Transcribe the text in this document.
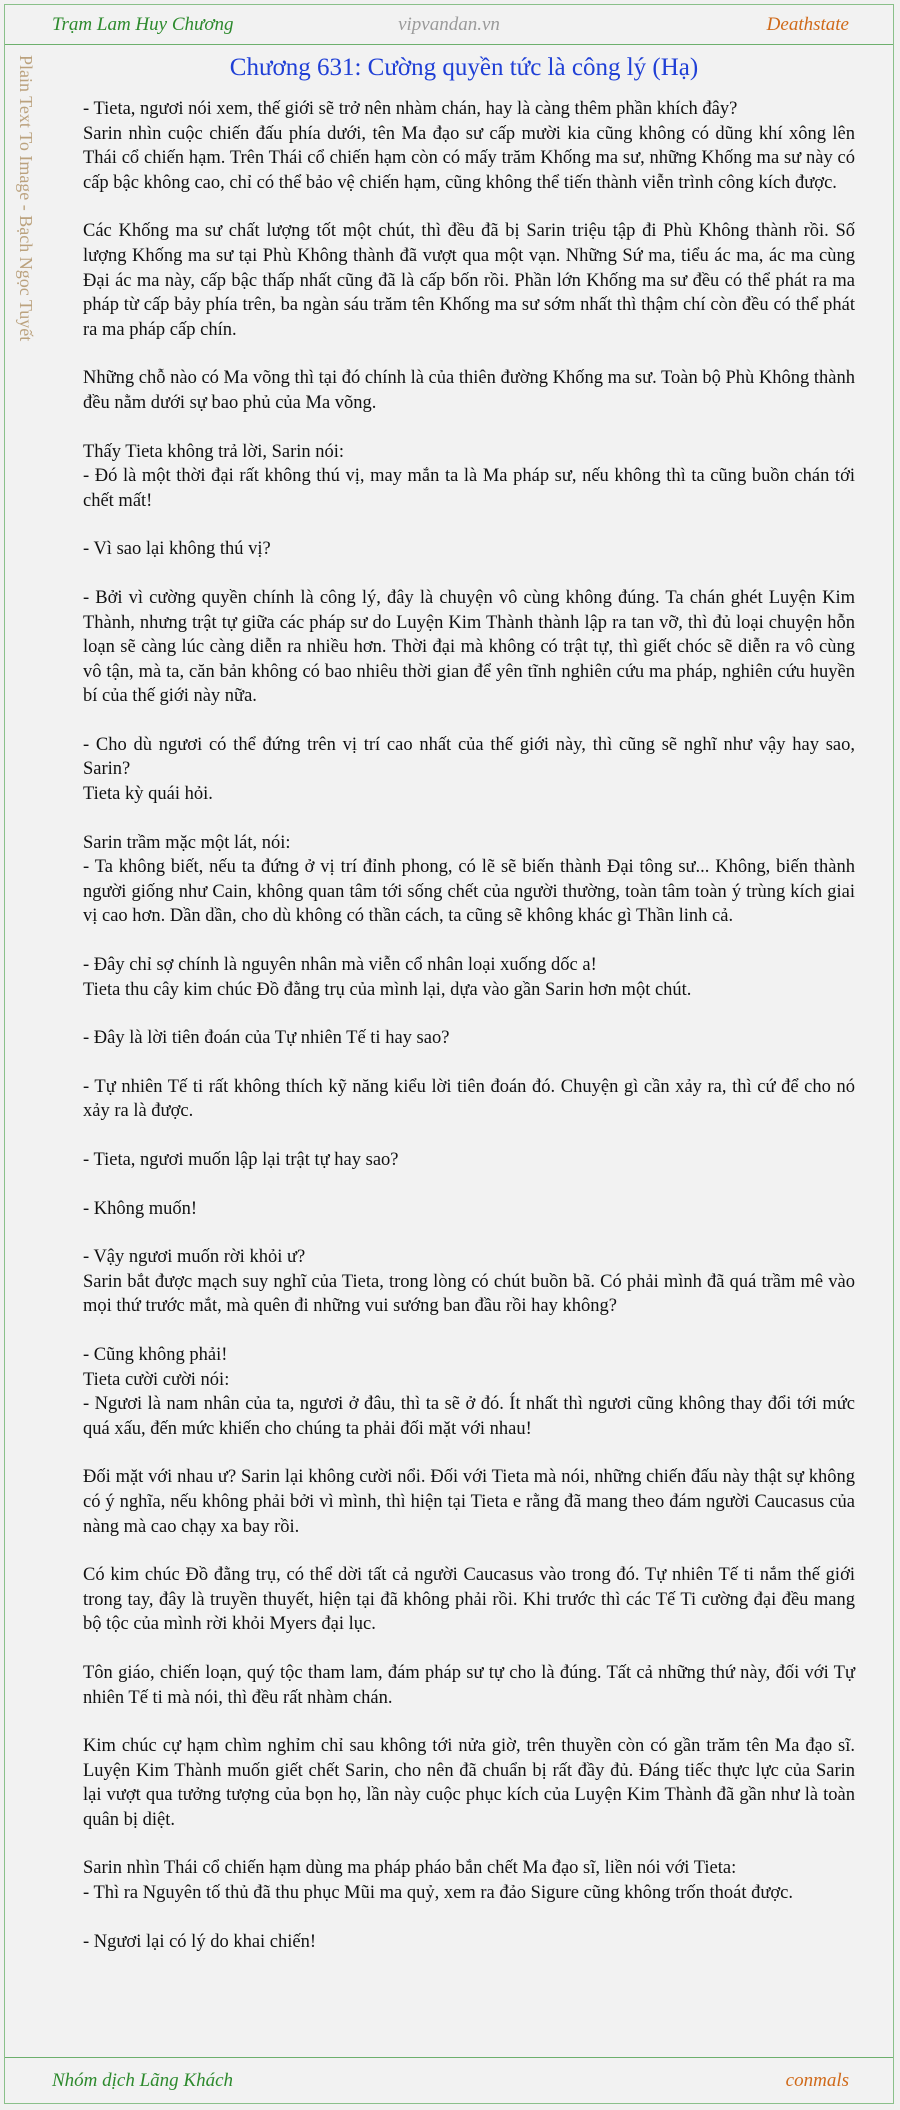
Trạm Lam Huy Chương	vipvandan.vn	Deathstate
Plain Text To Image - Bạch Ngọc Tuyết	Chương 631: Cường quyền tức là công lý (Hạ)

- Tieta, ngươi nói xem, thế giới sẽ trở nên nhàm chán, hay là càng thêm phần khích đây?

Sarin nhìn cuộc chiến đấu phía dưới, tên Ma đạo sư cấp mười kia cũng không có dũng khí xông lên Thái cổ chiến hạm. Trên Thái cổ chiến hạm còn có mấy trăm Khống ma sư, những Khống ma sư này có cấp bậc không cao, chỉ có thể bảo vệ chiến hạm, cũng không thể tiến thành viễn trình công kích được.

Các Khống ma sư chất lượng tốt một chút, thì đều đã bị Sarin triệu tập đi Phù Không thành rồi. Số lượng Khống ma sư tại Phù Không thành đã vượt qua một vạn. Những Sứ ma, tiểu ác ma, ác ma cùng Đại ác ma này, cấp bậc thấp nhất cũng đã là cấp bốn rồi. Phần lớn Khống ma sư đều có thể phát ra ma pháp từ cấp bảy phía trên, ba ngàn sáu trăm tên Khống ma sư sớm nhất thì thậm chí còn đều có thể phát ra ma pháp cấp chín.

Những chỗ nào có Ma võng thì tại đó chính là của thiên đường Khống ma sư. Toàn bộ Phù Không thành đều nằm dưới sự bao phủ của Ma võng.

Thấy Tieta không trả lời, Sarin nói:

- Đó là một thời đại rất không thú vị, may mắn ta là Ma pháp sư, nếu không thì ta cũng buồn chán tới chết mất!

- Vì sao lại không thú vị?

- Bởi vì cường quyền chính là công lý, đây là chuyện vô cùng không đúng. Ta chán ghét Luyện Kim Thành, nhưng trật tự giữa các pháp sư do Luyện Kim Thành thành lập ra tan vỡ, thì đủ loại chuyện hỗn loạn sẽ càng lúc càng diễn ra nhiều hơn. Thời đại mà không có trật tự, thì giết chóc sẽ diễn ra vô cùng vô tận, mà ta, căn bản không có bao nhiêu thời gian để yên tĩnh nghiên cứu ma pháp, nghiên cứu huyền bí của thế giới này nữa.

- Cho dù ngươi có thể đứng trên vị trí cao nhất của thế giới này, thì cũng sẽ nghĩ như vậy hay sao, Sarin?

Tieta kỳ quái hỏi.

Sarin trầm mặc một lát, nói:

- Ta không biết, nếu ta đứng ở vị trí đỉnh phong, có lẽ sẽ biến thành Đại tông sư... Không, biến thành người giống như Cain, không quan tâm tới sống chết của người thường, toàn tâm toàn ý trùng kích giai vị cao hơn. Dần dần, cho dù không có thần cách, ta cũng sẽ không khác gì Thần linh cả.

- Đây chỉ sợ chính là nguyên nhân mà viễn cổ nhân loại xuống dốc a!

Tieta thu cây kim chúc Đồ đằng trụ của mình lại, dựa vào gần Sarin hơn một chút.

- Đây là lời tiên đoán của Tự nhiên Tế ti hay sao?

- Tự nhiên Tế ti rất không thích kỹ năng kiểu lời tiên đoán đó. Chuyện gì cần xảy ra, thì cứ để cho nó xảy ra là được.

- Tieta, ngươi muốn lập lại trật tự hay sao?

- Không muốn!

- Vậy ngươi muốn rời khỏi ư?

Sarin bắt được mạch suy nghĩ của Tieta, trong lòng có chút buồn bã. Có phải mình đã quá trầm mê vào mọi thứ trước mắt, mà quên đi những vui sướng ban đầu rồi hay không?

- Cũng không phải!

Tieta cười cười nói:

- Ngươi là nam nhân của ta, ngươi ở đâu, thì ta sẽ ở đó. Ít nhất thì ngươi cũng không thay đổi tới mức quá xấu, đến mức khiến cho chúng ta phải đối mặt với nhau!

Đối mặt với nhau ư? Sarin lại không cười nổi. Đối với Tieta mà nói, những chiến đấu này thật sự không có ý nghĩa, nếu không phải bởi vì mình, thì hiện tại Tieta e rằng đã mang theo đám người Caucasus của nàng mà cao chạy xa bay rồi.

Có kim chúc Đồ đằng trụ, có thể dời tất cả người Caucasus vào trong đó. Tự nhiên Tế ti nắm thế giới trong tay, đây là truyền thuyết, hiện tại đã không phải rồi. Khi trước thì các Tế Ti cường đại đều mang bộ tộc của mình rời khỏi Myers đại lục.

Tôn giáo, chiến loạn, quý tộc tham lam, đám pháp sư tự cho là đúng. Tất cả những thứ này, đối với Tự nhiên Tế ti mà nói, thì đều rất nhàm chán.

Kim chúc cự hạm chìm nghỉm chỉ sau không tới nửa giờ, trên thuyền còn có gần trăm tên Ma đạo sĩ. Luyện Kim Thành muốn giết chết Sarin, cho nên đã chuẩn bị rất đầy đủ. Đáng tiếc thực lực của Sarin lại vượt qua tưởng tượng của bọn họ, lần này cuộc phục kích của Luyện Kim Thành đã gần như là toàn quân bị diệt.

Sarin nhìn Thái cổ chiến hạm dùng ma pháp pháo bắn chết Ma đạo sĩ, liền nói với Tieta:

- Thì ra Nguyên tố thủ đã thu phục Mũi ma quỷ, xem ra đảo Sigure cũng không trốn thoát được.

- Ngươi lại có lý do khai chiến!

Nhóm dịch Lãng Khách	conmals
